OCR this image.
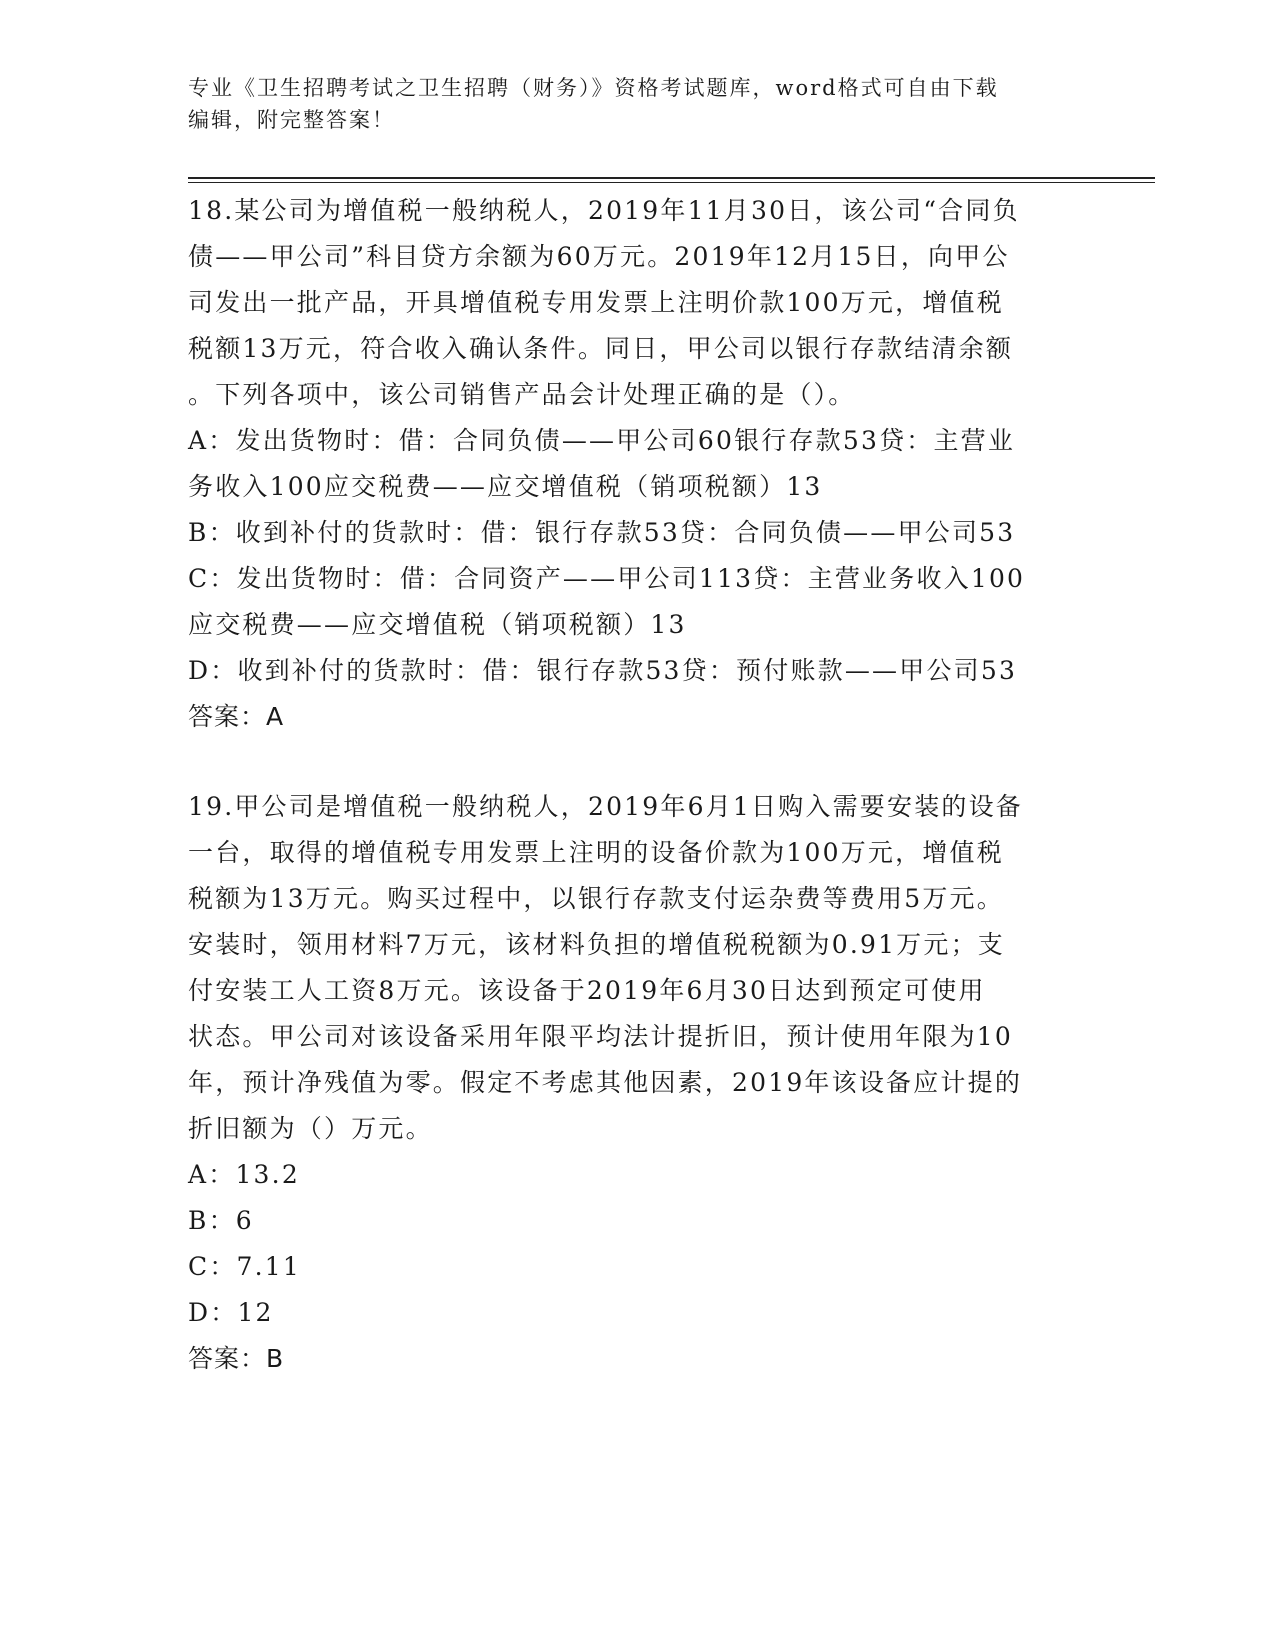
专业《卫生招聘考试之卫生招聘（财务）》资格考试题库，word格式可自由下载
编辑，附完整答案！
18.某公司为增值税一般纳税人，2019年11月30日，该公司“合同负
债——甲公司”科目贷方余额为60万元。2019年12月15日，向甲公
司发出一批产品，开具增值税专用发票上注明价款100万元，增值税
税额13万元，符合收入确认条件。同日，甲公司以银行存款结清余额
。下列各项中，该公司销售产品会计处理正确的是（）。
A：发出货物时：借：合同负债——甲公司60银行存款53贷：主营业
务收入100应交税费——应交增值税（销项税额）13
B：收到补付的货款时：借：银行存款53贷：合同负债——甲公司53
C：发出货物时：借：合同资产——甲公司113贷：主营业务收入100
应交税费——应交增值税（销项税额）13
D：收到补付的货款时：借：银行存款53贷：预付账款——甲公司53
答案：A
19.甲公司是增值税一般纳税人，2019年6月1日购入需要安装的设备
一台，取得的增值税专用发票上注明的设备价款为100万元，增值税
税额为13万元。购买过程中，以银行存款支付运杂费等费用5万元。
安装时，领用材料7万元，该材料负担的增值税税额为0.91万元；支
付安装工人工资8万元。该设备于2019年6月30日达到预定可使用
状态。甲公司对该设备采用年限平均法计提折旧，预计使用年限为10
年，预计净残值为零。假定不考虑其他因素，2019年该设备应计提的
折旧额为（）万元。
A：13.2
B：6
C：7.11
D：12
答案：B
